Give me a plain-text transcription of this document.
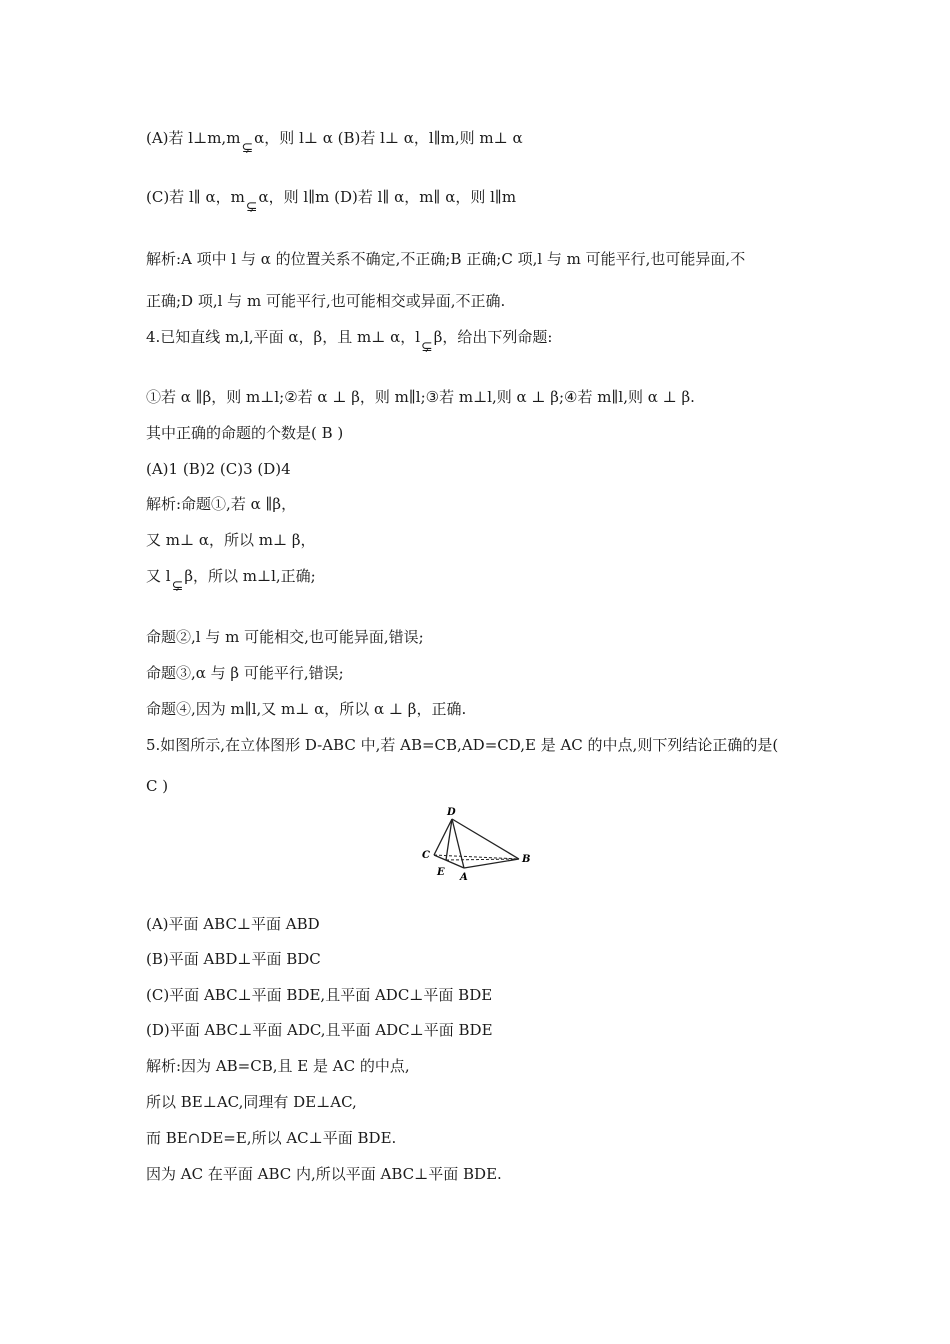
(A)若 l⊥m,m⊊α，则 l⊥ α (B)若 l⊥ α，l∥m,则 m⊥ α
(C)若 l∥ α，m⊊α，则 l∥m (D)若 l∥ α，m∥ α，则 l∥m
解析:A 项中 l 与 α 的位置关系不确定,不正确;B 正确;C 项,l 与 m 可能平行,也可能异面,不
正确;D 项,l 与 m 可能平行,也可能相交或异面,不正确.
4.已知直线 m,l,平面 α，β，且 m⊥ α，l⊊β，给出下列命题:
①若 α ∥β，则 m⊥l;②若 α ⊥ β，则 m∥l;③若 m⊥l,则 α ⊥ β;④若 m∥l,则 α ⊥ β.
其中正确的命题的个数是( B )
(A)1 (B)2 (C)3 (D)4
解析:命题①,若 α ∥β，
又 m⊥ α，所以 m⊥ β，
又 l⊊β，所以 m⊥l,正确;
命题②,l 与 m 可能相交,也可能异面,错误;
命题③,α 与 β 可能平行,错误;
命题④,因为 m∥l,又 m⊥ α，所以 α ⊥ β，正确.
5.如图所示,在立体图形 D-ABC 中,若 AB=CB,AD=CD,E 是 AC 的中点,则下列结论正确的是(
C )
D
C	B
E A
(A)平面 ABC⊥平面 ABD
(B)平面 ABD⊥平面 BDC
(C)平面 ABC⊥平面 BDE,且平面 ADC⊥平面 BDE
(D)平面 ABC⊥平面 ADC,且平面 ADC⊥平面 BDE
解析:因为 AB=CB,且 E 是 AC 的中点,
所以 BE⊥AC,同理有 DE⊥AC,
而 BE∩DE=E,所以 AC⊥平面 BDE.
因为 AC 在平面 ABC 内,所以平面 ABC⊥平面 BDE.
